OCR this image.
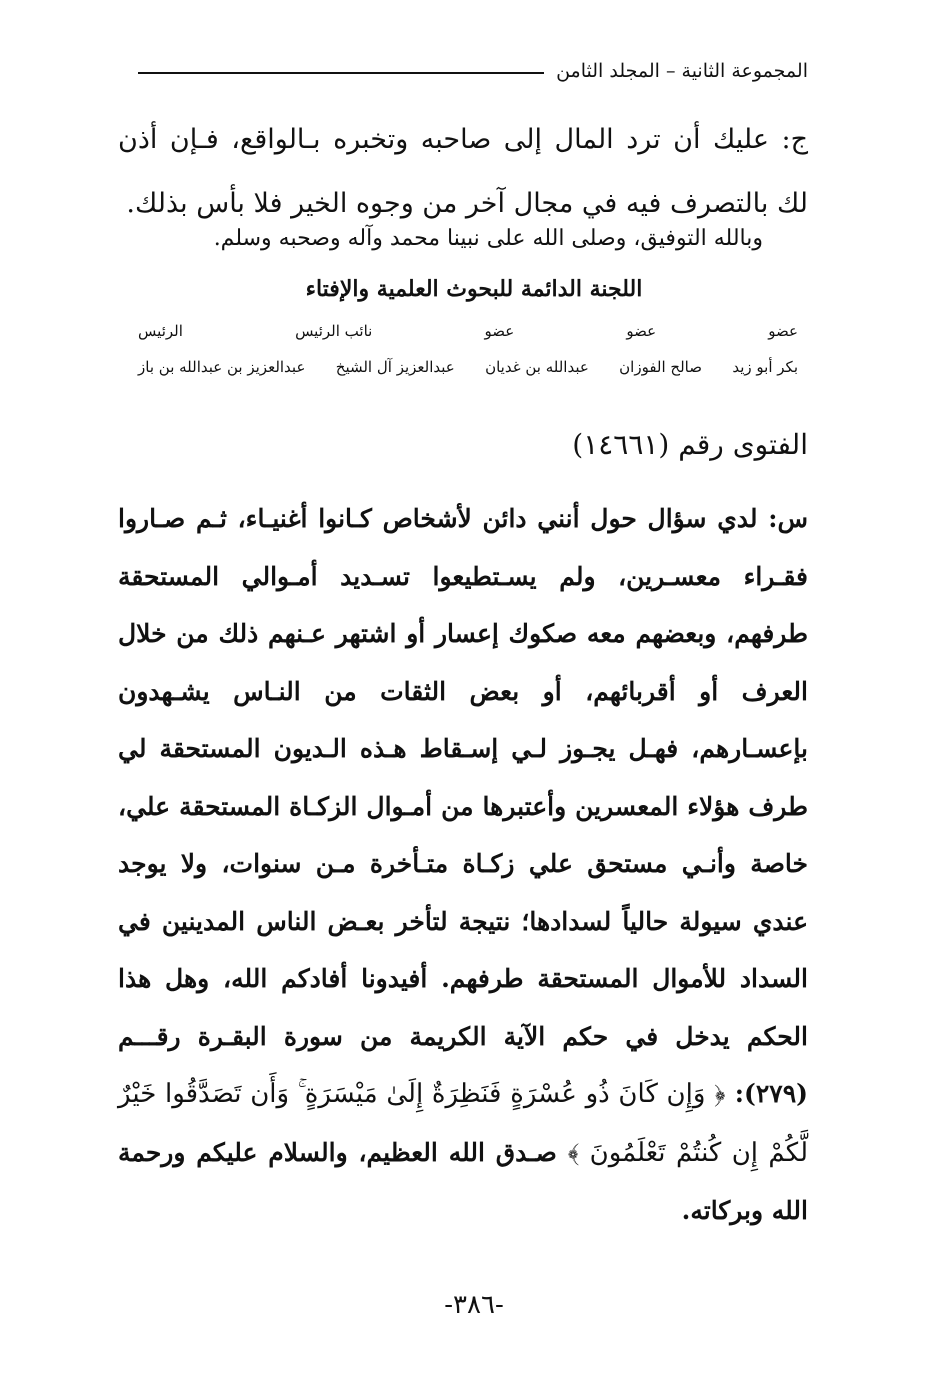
المجموعة الثانية – المجلد الثامن

ج: عليك أن ترد المال إلى صاحبه وتخبره بـالواقع، فـإن أذن لك بالتصرف فيه في مجال آخر من وجوه الخير فلا بأس بذلك.

وبالله التوفيق، وصلى الله على نبينا محمد وآله وصحبه وسلم.
اللجنة الدائمة للبحوث العلمية والإفتاء
عضو
عضو
عضو
نائب الرئيس
الرئيس
بكر أبو زيد
صالح الفوزان
عبدالله بن غديان
عبدالعزيز آل الشيخ
عبدالعزيز بن عبدالله بن باز
الفتوى رقم (١٤٦٦١)

س: لدي سؤال حول أنني دائن لأشخاص كـانوا أغنيـاء، ثـم صـاروا فقـراء معسـرين، ولم يسـتطيعوا تسـديد أمـوالي المستحقة طرفهم، وبعضهم معه صكوك إعسار أو اشتهر عـنهم ذلك من خلال العرف أو أقربائهم، أو بعض الثقات من النـاس يشـهدون بإعسـارهم، فهـل يجـوز لـي إسـقاط هـذه الـديون المستحقة لي طرف هؤلاء المعسرين وأعتبرها من أمـوال الزكـاة المستحقة علي، خاصة وأنـي مستحق علي زكـاة متـأخرة مـن سنوات، ولا يوجد عندي سيولة حالياً لسدادها؛ نتيجة لتأخر بعـض الناس المدينين في السداد للأموال المستحقة طرفهم. أفيدونا أفادكم الله، وهل هذا الحكم يدخل في حكم الآية الكريمة من سورة البقـرة رقـــم (٢٧٩): ﴿ وَإِن كَانَ ذُو عُسْرَةٍ فَنَظِرَةٌ إِلَىٰ مَيْسَرَةٍ ۚ وَأَن تَصَدَّقُوا خَيْرٌ لَّكُمْ إِن كُنتُمْ تَعْلَمُونَ ﴾ صـدق الله العظيم، والسلام عليكم ورحمة الله وبركاته.

-٣٨٦-
